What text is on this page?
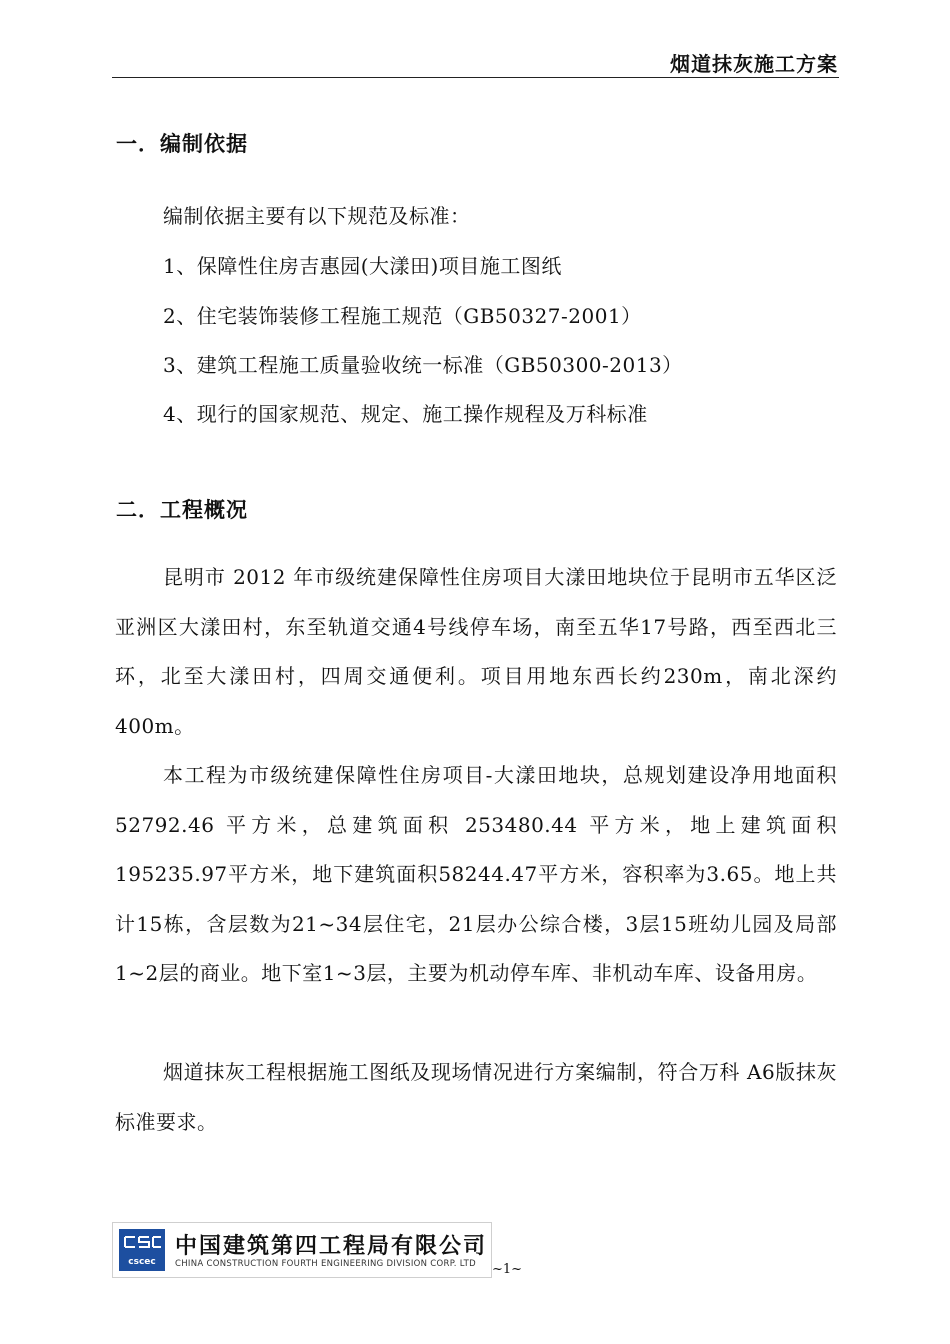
烟道抹灰施工方案
一．编制依据
编制依据主要有以下规范及标准：
1、保障性住房吉惠园(大漾田)项目施工图纸
2、住宅装饰装修工程施工规范（GB50327-2001）
3、建筑工程施工质量验收统一标准（GB50300-2013）
4、现行的国家规范、规定、施工操作规程及万科标准
二．工程概况
昆明市 2012 年市级统建保障性住房项目大漾田地块位于昆明市五华区泛亚洲区大漾田村，东至轨道交通4号线停车场，南至五华17号路，西至西北三环，北至大漾田村，四周交通便利。项目用地东西长约230m，南北深约400m。
本工程为市级统建保障性住房项目-大漾田地块，总规划建设净用地面积 52792.46 平方米，总建筑面积 253480.44 平方米，地上建筑面积195235.97平方米，地下建筑面积58244.47平方米，容积率为3.65。地上共计15栋，含层数为21~34层住宅，21层办公综合楼，3层15班幼儿园及局部1~2层的商业。地下室1~3层，主要为机动停车库、非机动车库、设备用房。
烟道抹灰工程根据施工图纸及现场情况进行方案编制，符合万科 A6版抹灰标准要求。
cscec
中国建筑第四工程局有限公司
CHINA CONSTRUCTION FOURTH ENGINEERING DIVISION CORP. LTD ~1~
